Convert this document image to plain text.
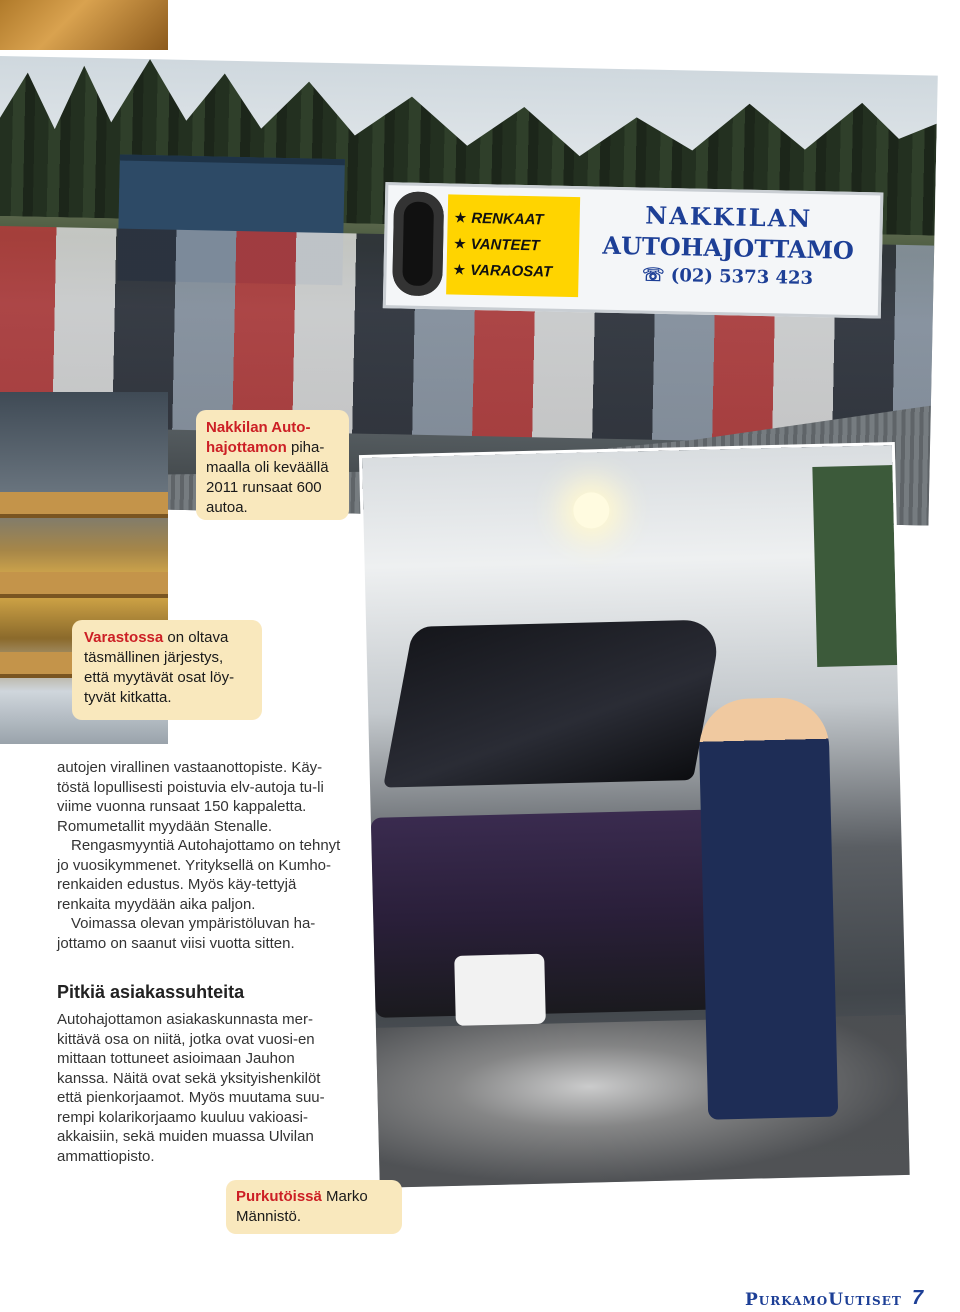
★ RENKAAT
★ VANTEET
★ VARAOSAT
NAKKILAN
AUTOHAJOTTAMO
☏ (02) 5373 423
Nakkilan Auto-hajottamon piha-maalla oli keväällä 2011 runsaat 600 autoa.
Varastossa on oltava täsmällinen järjestys, että myytävät osat löy-tyvät kitkatta.
Purkutöissä Marko Männistö.

autojen virallinen vastaanottopiste. Käy-töstä lopullisesti poistuvia elv-autoja tu-li viime vuonna runsaat 150 kappaletta. Romumetallit myydään Stenalle.

Rengasmyyntiä Autohajottamo on tehnyt jo vuosikymmenet. Yrityksellä on Kumho-renkaiden edustus. Myös käy-tettyjä renkaita myydään aika paljon.

Voimassa olevan ympäristöluvan ha-jottamo on saanut viisi vuotta sitten.

Pitkiä asiakassuhteita

Autohajottamon asiakaskunnasta mer-kittävä osa on niitä, jotka ovat vuosi-en mittaan tottuneet asioimaan Jauhon kanssa. Näitä ovat sekä yksityishenkilöt että pienkorjaamot. Myös muutama suu-rempi kolarikorjaamo kuuluu vakioasi-akkaisiin, sekä muiden muassa Ulvilan ammattiopisto.

PurkamoUutiset 7
